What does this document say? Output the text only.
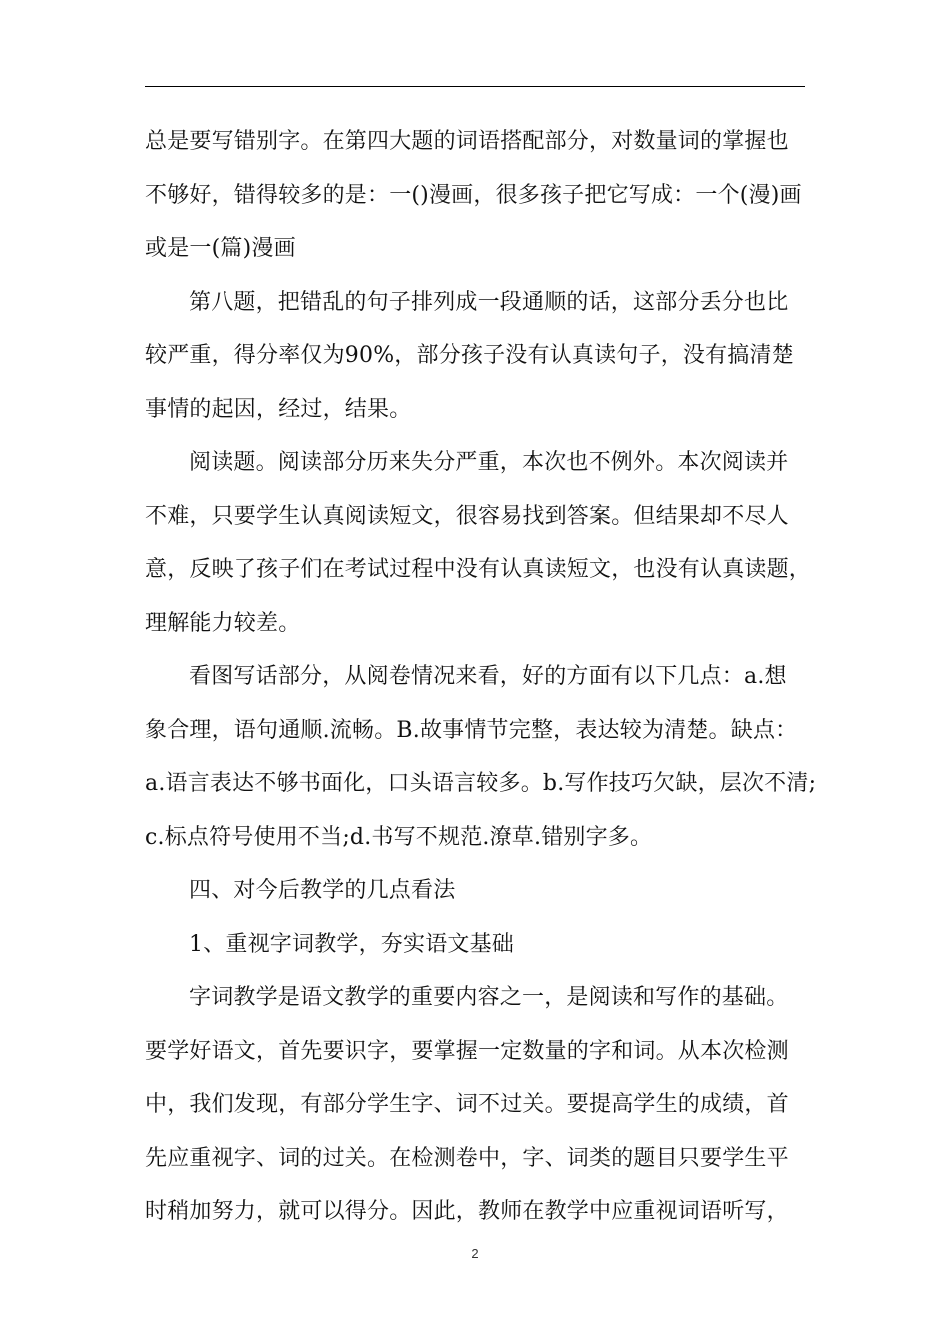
总是要写错别字。在第四大题的词语搭配部分，对数量词的掌握也
不够好，错得较多的是：一()漫画，很多孩子把它写成：一个(漫)画
或是一(篇)漫画
第八题，把错乱的句子排列成一段通顺的话，这部分丢分也比
较严重，得分率仅为90%，部分孩子没有认真读句子，没有搞清楚
事情的起因，经过，结果。
阅读题。阅读部分历来失分严重，本次也不例外。本次阅读并
不难，只要学生认真阅读短文，很容易找到答案。但结果却不尽人
意，反映了孩子们在考试过程中没有认真读短文，也没有认真读题，
理解能力较差。
看图写话部分，从阅卷情况来看，好的方面有以下几点：a.想
象合理，语句通顺.流畅。B.故事情节完整，表达较为清楚。缺点：
a.语言表达不够书面化，口头语言较多。b.写作技巧欠缺，层次不清;
c.标点符号使用不当;d.书写不规范.潦草.错别字多。
四、对今后教学的几点看法
1、重视字词教学，夯实语文基础
字词教学是语文教学的重要内容之一，是阅读和写作的基础。
要学好语文，首先要识字，要掌握一定数量的字和词。从本次检测
中，我们发现，有部分学生字、词不过关。要提高学生的成绩，首
先应重视字、词的过关。在检测卷中，字、词类的题目只要学生平
时稍加努力，就可以得分。因此，教师在教学中应重视词语听写，
2
